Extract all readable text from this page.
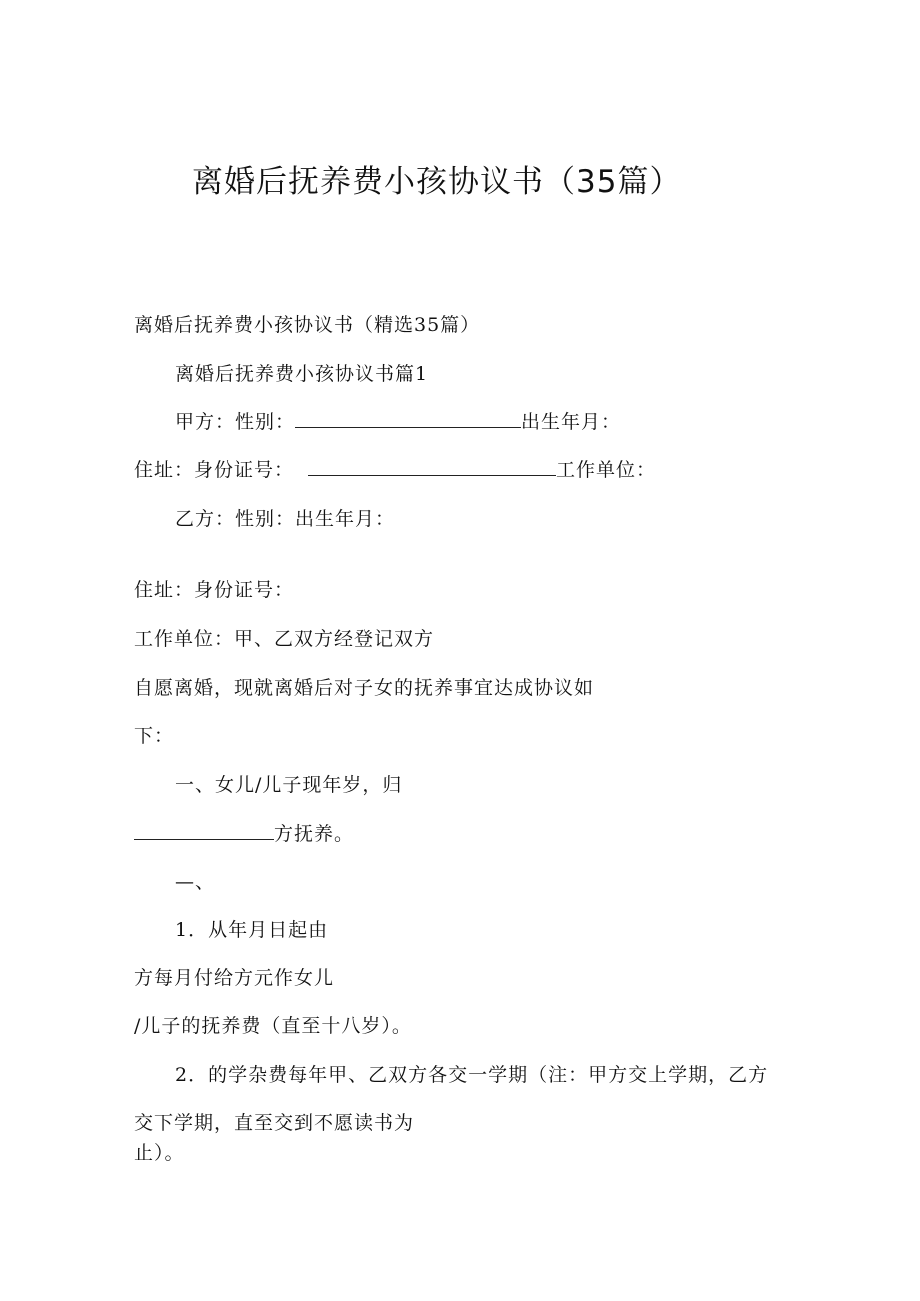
离婚后抚养费小孩协议书（35篇）
离婚后抚养费小孩协议书（精选35篇）
离婚后抚养费小孩协议书篇1
甲方：性别：	出生年月：
住址：身份证号：	工作单位：
乙方：性别：出生年月：
住址：身份证号：
工作单位：甲、乙双方经登记双方
自愿离婚，现就离婚后对子女的抚养事宜达成协议如
下：
一、女儿/儿子现年岁，归
方抚养。
—、
1．从年月日起由
方每月付给方元作女儿
/儿子的抚养费（直至十八岁）。
2．的学杂费每年甲、乙双方各交一学期（注：甲方交上学期，乙方
交下学期，直至交到不愿读书为
止）。
